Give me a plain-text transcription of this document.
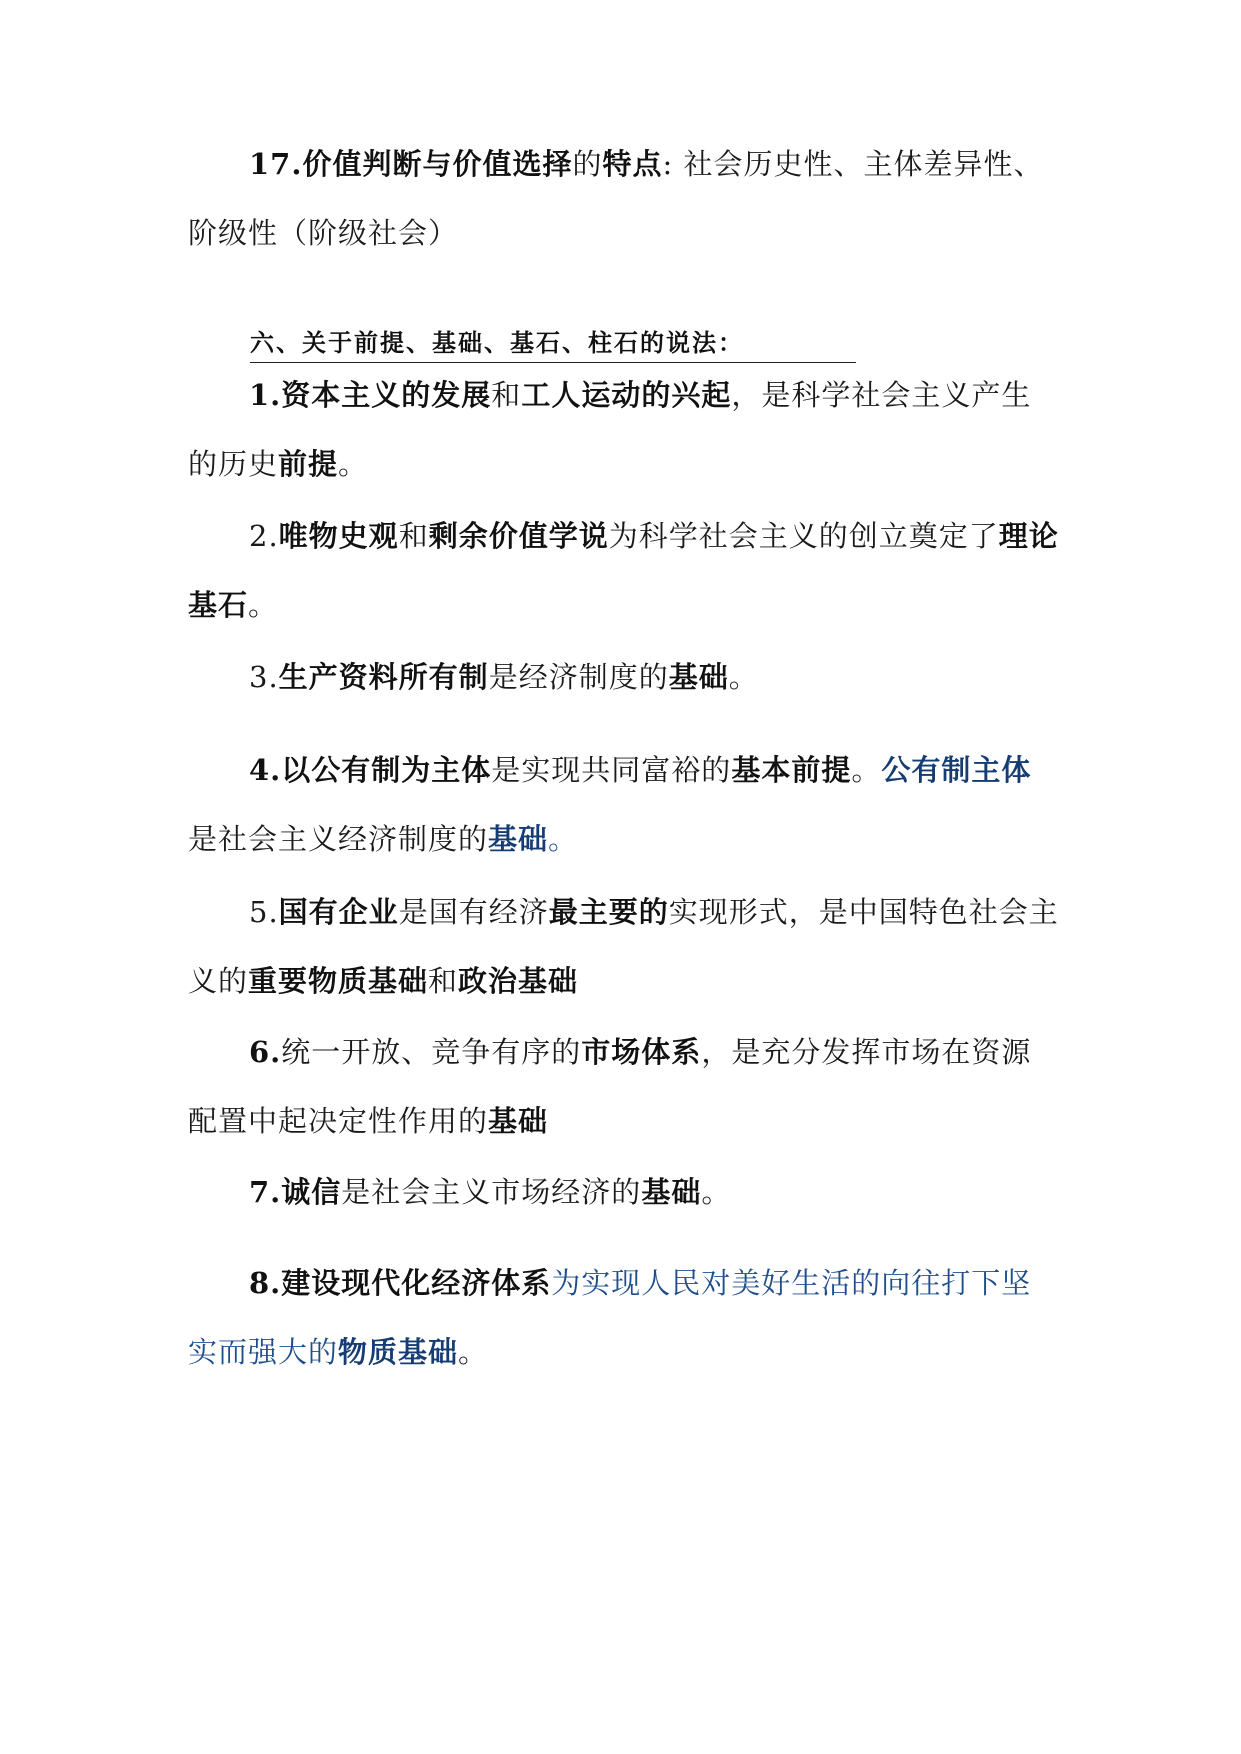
17.价值判断与价值选择的特点: 社会历史性、主体差异性、阶级性（阶级社会）

六、关于前提、基础、基石、柱石的说法：

1.资本主义的发展和工人运动的兴起，是科学社会主义产生的历史前提。

2.唯物史观和剩余价值学说为科学社会主义的创立奠定了理论基石。

3.生产资料所有制是经济制度的基础。

4.以公有制为主体是实现共同富裕的基本前提。公有制主体是社会主义经济制度的基础。

5.国有企业是国有经济最主要的实现形式，是中国特色社会主义的重要物质基础和政治基础

6.统一开放、竞争有序的市场体系，是充分发挥市场在资源配置中起决定性作用的基础

7.诚信是社会主义市场经济的基础。

8.建设现代化经济体系为实现人民对美好生活的向往打下坚实而强大的物质基础。
